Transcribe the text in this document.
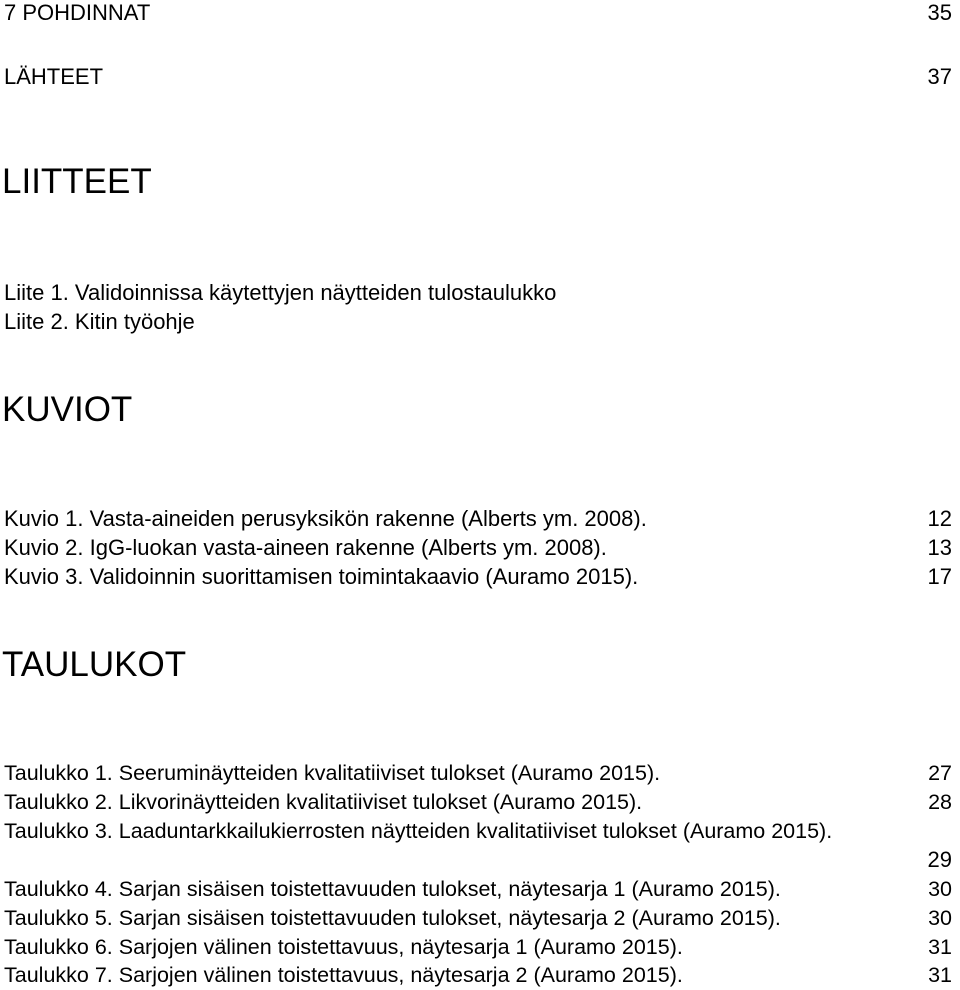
7 POHDINNAT	35
LÄHTEET	37
LIITTEET
Liite 1. Validoinnissa käytettyjen näytteiden tulostaulukko
Liite 2. Kitin työohje
KUVIOT
Kuvio 1. Vasta-aineiden perusyksikön rakenne (Alberts ym. 2008).	12
Kuvio 2. IgG-luokan vasta-aineen rakenne (Alberts ym. 2008).	13
Kuvio 3. Validoinnin suorittamisen toimintakaavio (Auramo 2015).	17
TAULUKOT
Taulukko 1. Seeruminäytteiden kvalitatiiviset tulokset (Auramo 2015).	27
Taulukko 2. Likvorinäytteiden kvalitatiiviset tulokset (Auramo 2015).	28
Taulukko 3. Laaduntarkkailukierrosten näytteiden kvalitatiiviset tulokset (Auramo 2015).
29
Taulukko 4. Sarjan sisäisen toistettavuuden tulokset, näytesarja 1 (Auramo 2015).	30
Taulukko 5. Sarjan sisäisen toistettavuuden tulokset, näytesarja 2 (Auramo 2015).	30
Taulukko 6. Sarjojen välinen toistettavuus, näytesarja 1 (Auramo 2015).	31
Taulukko 7. Sarjojen välinen toistettavuus, näytesarja 2 (Auramo 2015).	31
